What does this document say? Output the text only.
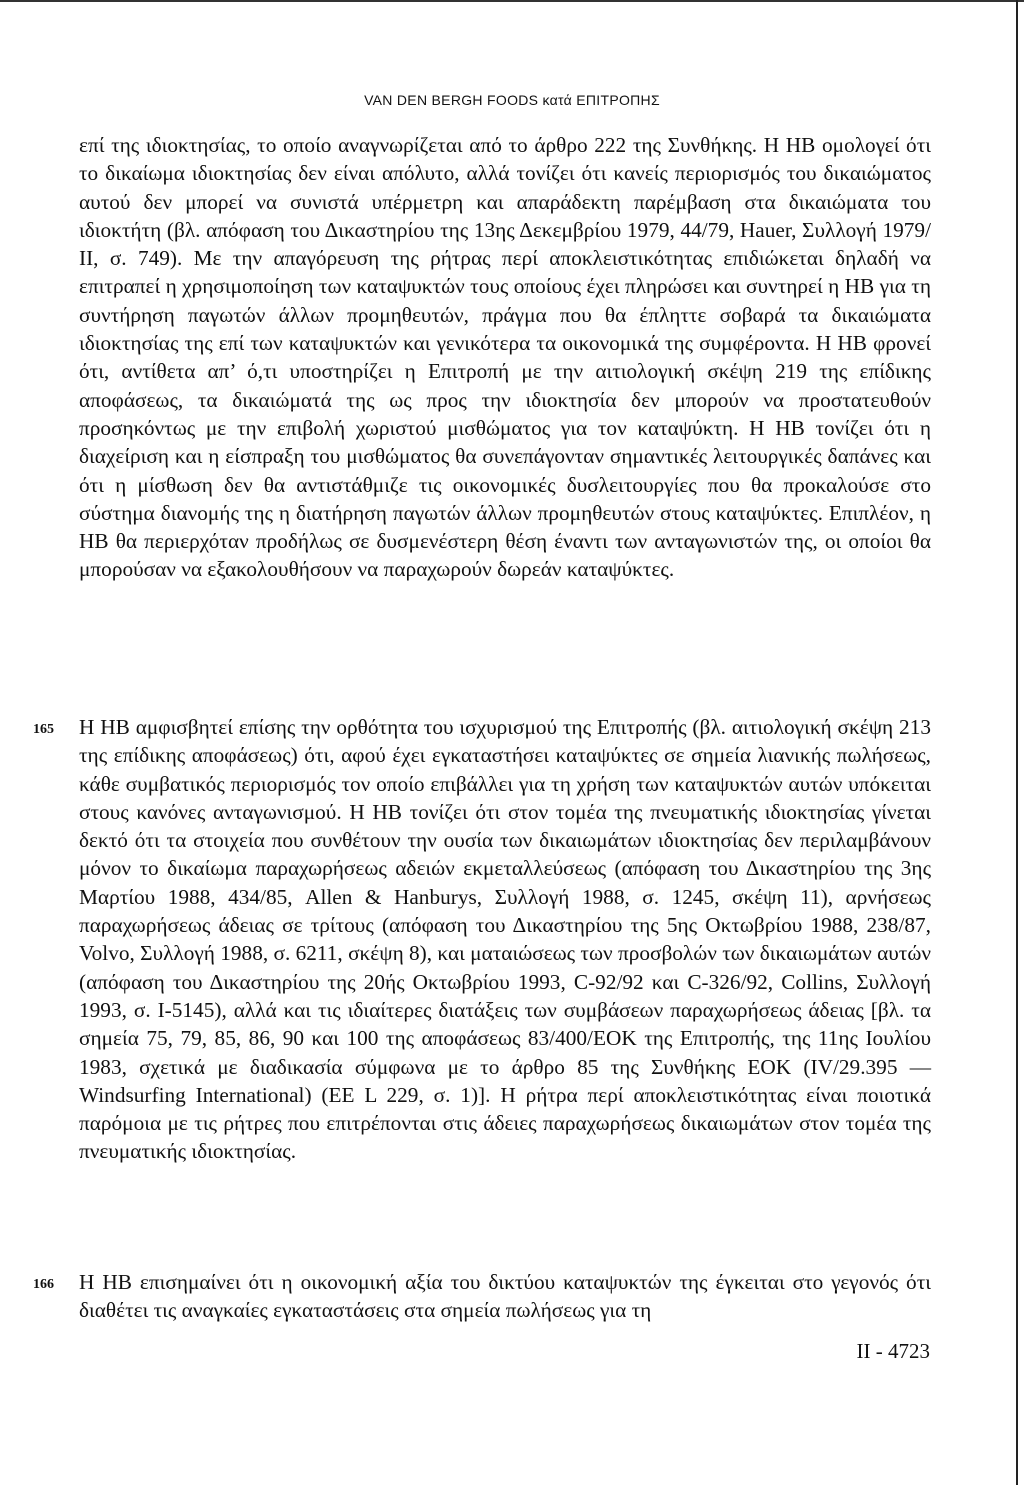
VAN DEN BERGH FOODS κατά ΕΠΙΤΡΟΠΗΣ

επί της ιδιοκτησίας, το οποίο αναγνωρίζεται από το άρθρο 222 της Συνθήκης. Η ΗΒ ομολογεί ότι το δικαίωμα ιδιοκτησίας δεν είναι απόλυτο, αλλά τονίζει ότι κανείς περιορισμός του δικαιώματος αυτού δεν μπορεί να συνιστά υπέρμετρη και απαράδεκτη παρέμβαση στα δικαιώματα του ιδιοκτήτη (βλ. απόφαση του Δικαστηρίου της 13ης Δεκεμβρίου 1979, 44/79, Hauer, Συλλογή 1979/ΙΙ, σ. 749). Με την απαγόρευση της ρήτρας περί αποκλειστικότητας επιδιώκεται δηλαδή να επιτραπεί η χρησιμοποίηση των καταψυκτών τους οποίους έχει πληρώσει και συντηρεί η ΗΒ για τη συντήρηση παγωτών άλλων προμηθευτών, πράγμα που θα έπληττε σοβαρά τα δικαιώματα ιδιοκτησίας της επί των καταψυκτών και γενικότερα τα οικονομικά της συμφέροντα. Η ΗΒ φρονεί ότι, αντίθετα απ’ ό,τι υποστηρίζει η Επιτροπή με την αιτιολογική σκέψη 219 της επίδικης αποφάσεως, τα δικαιώματά της ως προς την ιδιοκτησία δεν μπορούν να προστατευθούν προσηκόντως με την επιβολή χωριστού μισθώματος για τον καταψύκτη. Η ΗΒ τονίζει ότι η διαχείριση και η είσπραξη του μισθώματος θα συνεπάγονταν σημαντικές λειτουργικές δαπάνες και ότι η μίσθωση δεν θα αντιστάθμιζε τις οικονομικές δυσλειτουργίες που θα προκαλούσε στο σύστημα διανομής της η διατήρηση παγωτών άλλων προμηθευτών στους καταψύκτες. Επιπλέον, η ΗΒ θα περιερχόταν προδήλως σε δυσμενέστερη θέση έναντι των ανταγωνιστών της, οι οποίοι θα μπορούσαν να εξακολουθήσουν να παραχωρούν δωρεάν καταψύκτες.

165 Η ΗΒ αμφισβητεί επίσης την ορθότητα του ισχυρισμού της Επιτροπής (βλ. αιτιολογική σκέψη 213 της επίδικης αποφάσεως) ότι, αφού έχει εγκαταστήσει καταψύκτες σε σημεία λιανικής πωλήσεως, κάθε συμβατικός περιορισμός τον οποίο επιβάλλει για τη χρήση των καταψυκτών αυτών υπόκειται στους κανόνες ανταγωνισμού. Η ΗΒ τονίζει ότι στον τομέα της πνευματικής ιδιοκτησίας γίνεται δεκτό ότι τα στοιχεία που συνθέτουν την ουσία των δικαιωμάτων ιδιοκτησίας δεν περιλαμβάνουν μόνον το δικαίωμα παραχωρήσεως αδειών εκμεταλλεύσεως (απόφαση του Δικαστηρίου της 3ης Μαρτίου 1988, 434/85, Allen & Hanburys, Συλλογή 1988, σ. 1245, σκέψη 11), αρνήσεως παραχωρήσεως άδειας σε τρίτους (απόφαση του Δικαστηρίου της 5ης Οκτωβρίου 1988, 238/87, Volvo, Συλλογή 1988, σ. 6211, σκέψη 8), και ματαιώσεως των προσβολών των δικαιωμάτων αυτών (απόφαση του Δικαστηρίου της 20ής Οκτωβρίου 1993, C-92/92 και C-326/92, Collins, Συλλογή 1993, σ. I-5145), αλλά και τις ιδιαίτερες διατάξεις των συμβάσεων παραχωρήσεως άδειας [βλ. τα σημεία 75, 79, 85, 86, 90 και 100 της αποφάσεως 83/400/ΕΟΚ της Επιτροπής, της 11ης Ιουλίου 1983, σχετικά με διαδικασία σύμφωνα με το άρθρο 85 της Συνθήκης ΕΟΚ (IV/29.395 — Windsurfing International) (ΕΕ L 229, σ. 1)]. Η ρήτρα περί αποκλειστικότητας είναι ποιοτικά παρόμοια με τις ρήτρες που επιτρέπονται στις άδειες παραχωρήσεως δικαιωμάτων στον τομέα της πνευματικής ιδιοκτησίας.

166 Η ΗΒ επισημαίνει ότι η οικονομική αξία του δικτύου καταψυκτών της έγκειται στο γεγονός ότι διαθέτει τις αναγκαίες εγκαταστάσεις στα σημεία πωλήσεως για τη

II - 4723
